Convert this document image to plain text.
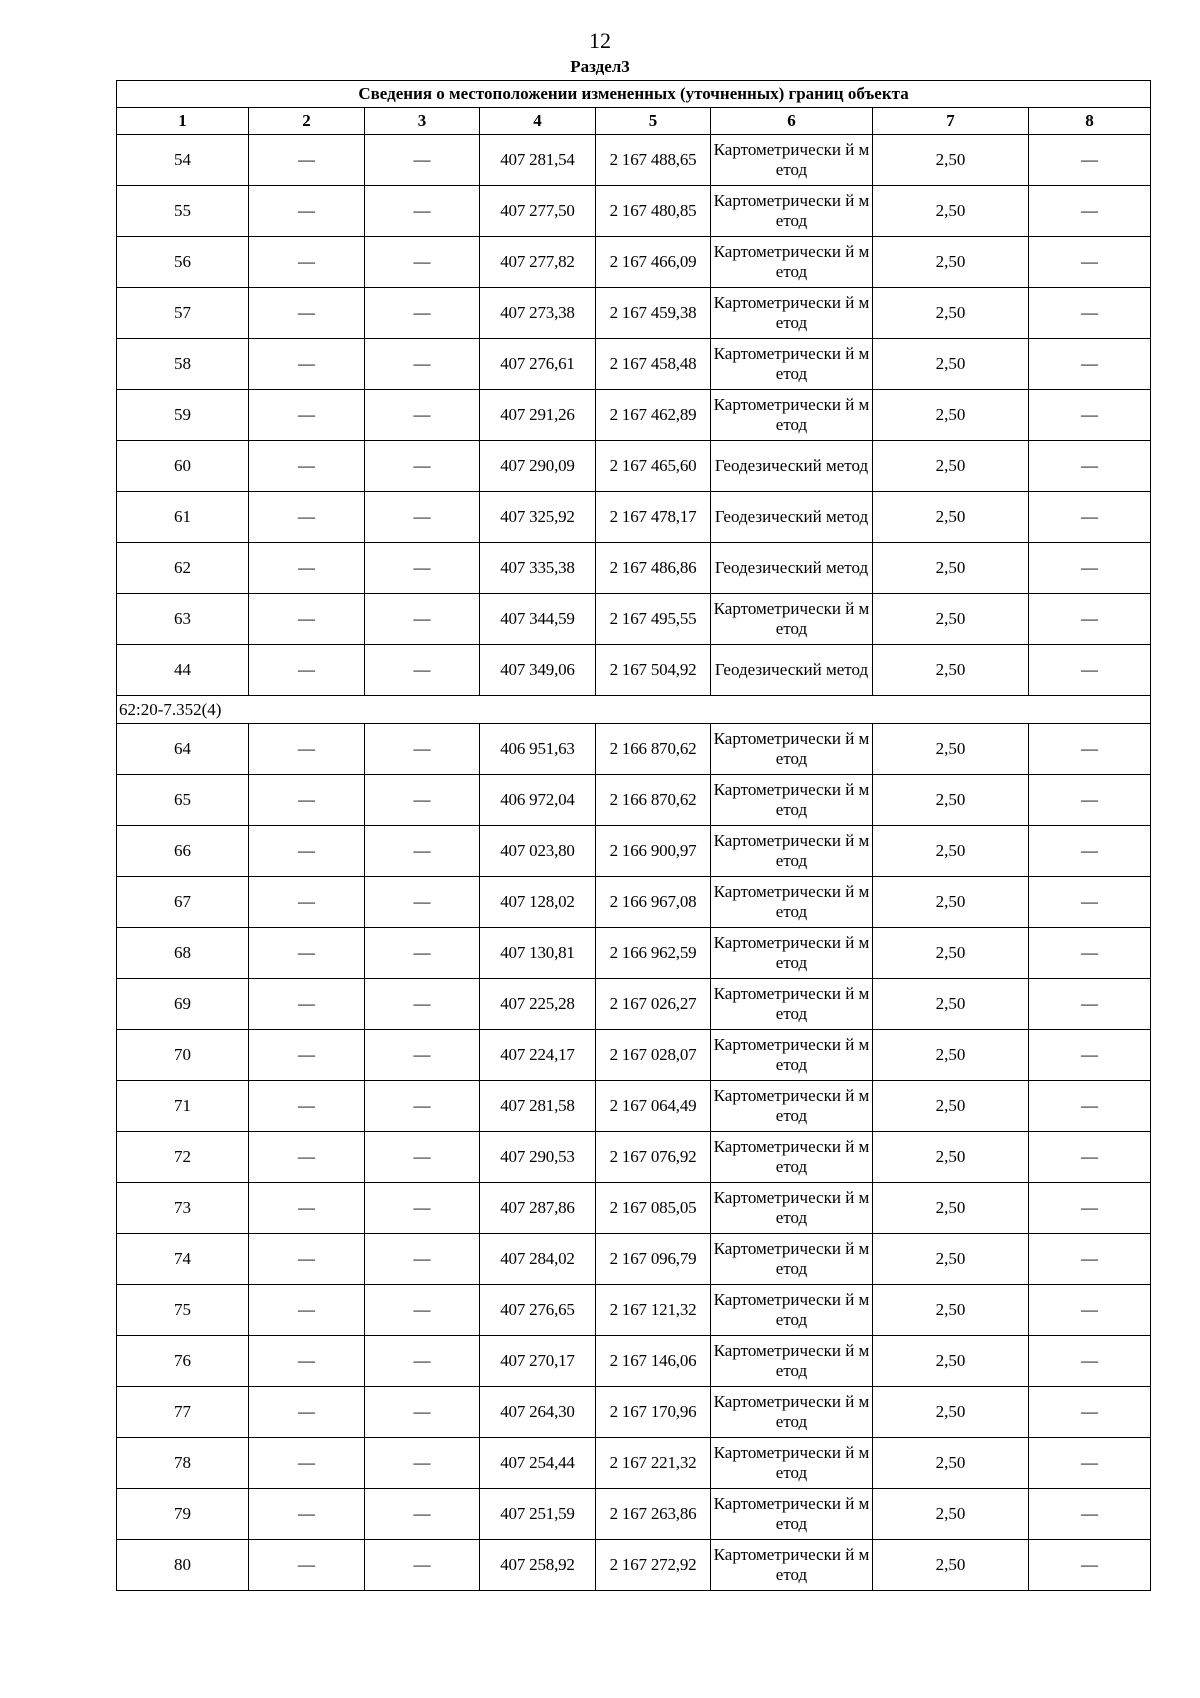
12
Раздел3
Сведения о местоположении измененных (уточненных) границ объекта							
1	2	3	4	5	6	7	8
54	—	—	407 281,54	2 167 488,65	Картометрически й метод	2,50	—
55	—	—	407 277,50	2 167 480,85	Картометрически й метод	2,50	—
56	—	—	407 277,82	2 167 466,09	Картометрически й метод	2,50	—
57	—	—	407 273,38	2 167 459,38	Картометрически й метод	2,50	—
58	—	—	407 276,61	2 167 458,48	Картометрически й метод	2,50	—
59	—	—	407 291,26	2 167 462,89	Картометрически й метод	2,50	—
60	—	—	407 290,09	2 167 465,60	Геодезический метод	2,50	—
61	—	—	407 325,92	2 167 478,17	Геодезический метод	2,50	—
62	—	—	407 335,38	2 167 486,86	Геодезический метод	2,50	—
63	—	—	407 344,59	2 167 495,55	Картометрически й метод	2,50	—
44	—	—	407 349,06	2 167 504,92	Геодезический метод	2,50	—
62:20-7.352(4)							
64	—	—	406 951,63	2 166 870,62	Картометрически й метод	2,50	—
65	—	—	406 972,04	2 166 870,62	Картометрически й метод	2,50	—
66	—	—	407 023,80	2 166 900,97	Картометрически й метод	2,50	—
67	—	—	407 128,02	2 166 967,08	Картометрически й метод	2,50	—
68	—	—	407 130,81	2 166 962,59	Картометрически й метод	2,50	—
69	—	—	407 225,28	2 167 026,27	Картометрически й метод	2,50	—
70	—	—	407 224,17	2 167 028,07	Картометрически й метод	2,50	—
71	—	—	407 281,58	2 167 064,49	Картометрически й метод	2,50	—
72	—	—	407 290,53	2 167 076,92	Картометрически й метод	2,50	—
73	—	—	407 287,86	2 167 085,05	Картометрически й метод	2,50	—
74	—	—	407 284,02	2 167 096,79	Картометрически й метод	2,50	—
75	—	—	407 276,65	2 167 121,32	Картометрически й метод	2,50	—
76	—	—	407 270,17	2 167 146,06	Картометрически й метод	2,50	—
77	—	—	407 264,30	2 167 170,96	Картометрически й метод	2,50	—
78	—	—	407 254,44	2 167 221,32	Картометрически й метод	2,50	—
79	—	—	407 251,59	2 167 263,86	Картометрически й метод	2,50	—
80	—	—	407 258,92	2 167 272,92	Картометрически й метод	2,50	—
